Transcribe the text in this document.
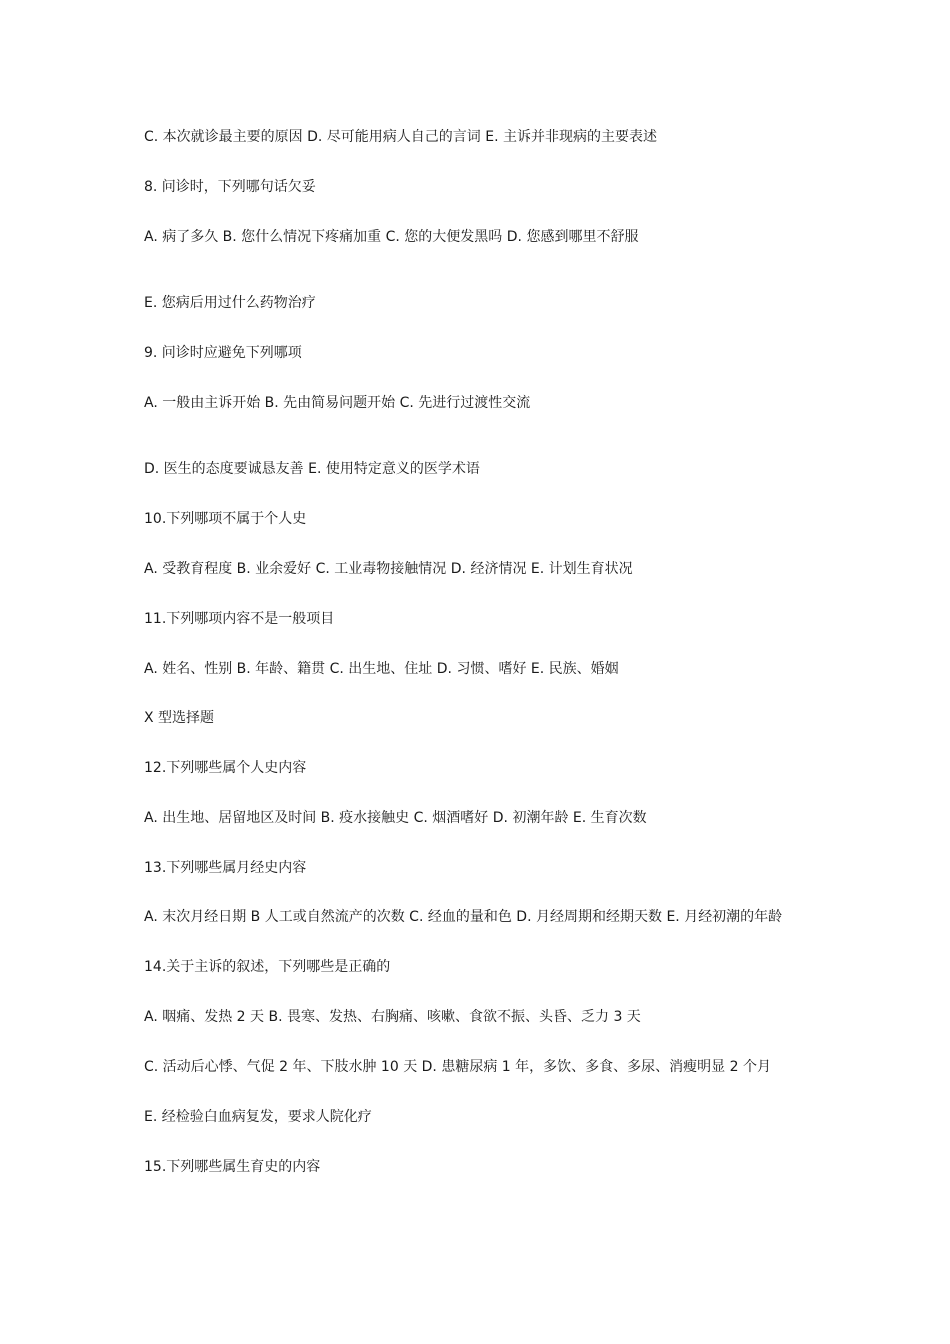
C. 本次就诊最主要的原因 D. 尽可能用病人自己的言词 E. 主诉并非现病的主要表述
8. 问诊时，下列哪句话欠妥
A. 病了多久 B. 您什么情况下疼痛加重 C. 您的大便发黑吗 D. 您感到哪里不舒服
E. 您病后用过什么药物治疗
9. 问诊时应避免下列哪项
A. 一般由主诉开始 B. 先由简易问题开始 C. 先进行过渡性交流
D. 医生的态度要诚恳友善 E. 使用特定意义的医学术语
10.下列哪项不属于个人史
A. 受教育程度 B. 业余爱好 C. 工业毒物接触情况 D. 经济情况 E. 计划生育状况
11.下列哪项内容不是一般项目
A. 姓名、性别 B. 年龄、籍贯 C. 出生地、住址 D. 习惯、嗜好 E. 民族、婚姻
X 型选择题
12.下列哪些属个人史内容
A. 出生地、居留地区及时间 B. 疫水接触史 C. 烟酒嗜好 D. 初潮年龄 E. 生育次数
13.下列哪些属月经史内容
A. 末次月经日期 B 人工或自然流产的次数 C. 经血的量和色 D. 月经周期和经期天数 E. 月经初潮的年龄
14.关于主诉的叙述，下列哪些是正确的
A. 咽痛、发热 2 天 B. 畏寒、发热、右胸痛、咳嗽、食欲不振、头昏、乏力 3 天
C. 活动后心悸、气促 2 年、下肢水肿 10 天 D. 患糖尿病 1 年，多饮、多食、多尿、消瘦明显 2 个月
E. 经检验白血病复发，要求人院化疗
15.下列哪些属生育史的内容
